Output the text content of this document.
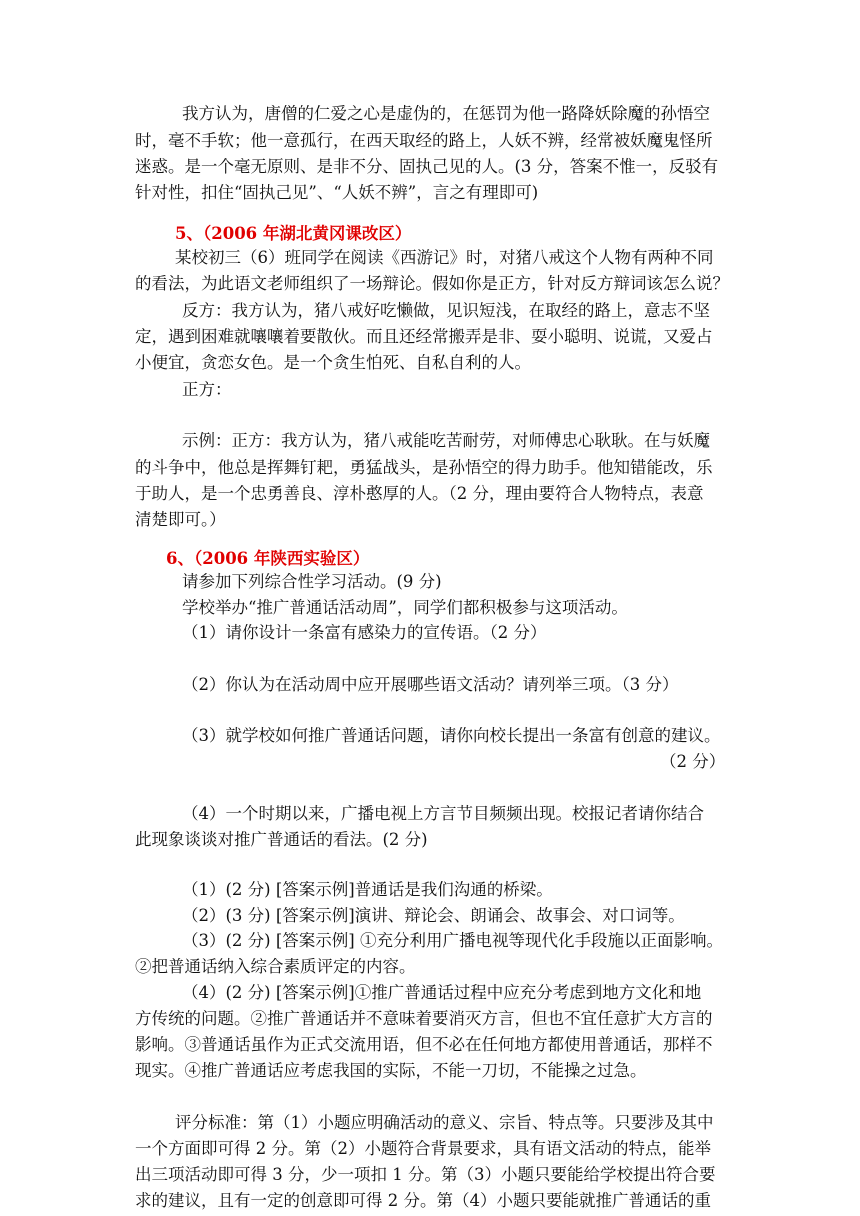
我方认为，唐僧的仁爱之心是虚伪的，在惩罚为他一路降妖除魔的孙悟空
时，毫不手软；他一意孤行，在西天取经的路上，人妖不辨，经常被妖魔鬼怪所
迷惑。是一个毫无原则、是非不分、固执己见的人。(3 分，答案不惟一，反驳有
针对性，扣住“固执己见”、“人妖不辨”，言之有理即可)
5、（2006 年湖北黄冈课改区）
某校初三（6）班同学在阅读《西游记》时，对猪八戒这个人物有两种不同
的看法，为此语文老师组织了一场辩论。假如你是正方，针对反方辩词该怎么说？
反方：我方认为，猪八戒好吃懒做，见识短浅，在取经的路上，意志不坚
定，遇到困难就嚷嚷着要散伙。而且还经常搬弄是非、耍小聪明、说谎，又爱占
小便宜，贪恋女色。是一个贪生怕死、自私自利的人。
正方：
示例：正方：我方认为，猪八戒能吃苦耐劳，对师傅忠心耿耿。在与妖魔
的斗争中，他总是挥舞钉耙，勇猛战头，是孙悟空的得力助手。他知错能改，乐
于助人，是一个忠勇善良、淳朴憨厚的人。（2 分，理由要符合人物特点，表意
清楚即可。）
6、（2006 年陕西实验区）
请参加下列综合性学习活动。(9 分)
学校举办“推广普通话活动周”，同学们都积极参与这项活动。
（1）请你设计一条富有感染力的宣传语。（2 分）
（2）你认为在活动周中应开展哪些语文活动？请列举三项。（3 分）
（3）就学校如何推广普通话问题，请你向校长提出一条富有创意的建议。
（2 分）
（4）一个时期以来，广播电视上方言节目频频出现。校报记者请你结合
此现象谈谈对推广普通话的看法。(2 分)
（1）(2 分) [答案示例]普通话是我们沟通的桥梁。
（2）(3 分) [答案示例]演讲、辩论会、朗诵会、故事会、对口词等。
（3）(2 分) [答案示例] ①充分利用广播电视等现代化手段施以正面影响。
②把普通话纳入综合素质评定的内容。
（4）(2 分) [答案示例]①推广普通话过程中应充分考虑到地方文化和地
方传统的问题。②推广普通话并不意味着要消灭方言，但也不宜任意扩大方言的
影响。③普通话虽作为正式交流用语，但不必在任何地方都使用普通话，那样不
现实。④推广普通话应考虑我国的实际，不能一刀切，不能操之过急。
评分标准：第（1）小题应明确活动的意义、宗旨、特点等。只要涉及其中
一个方面即可得 2 分。第（2）小题符合背景要求，具有语文活动的特点，能举
出三项活动即可得 3 分，少一项扣 1 分。第（3）小题只要能给学校提出符合要
求的建议，且有一定的创意即可得 2 分。第（4）小题只要能就推广普通话的重
